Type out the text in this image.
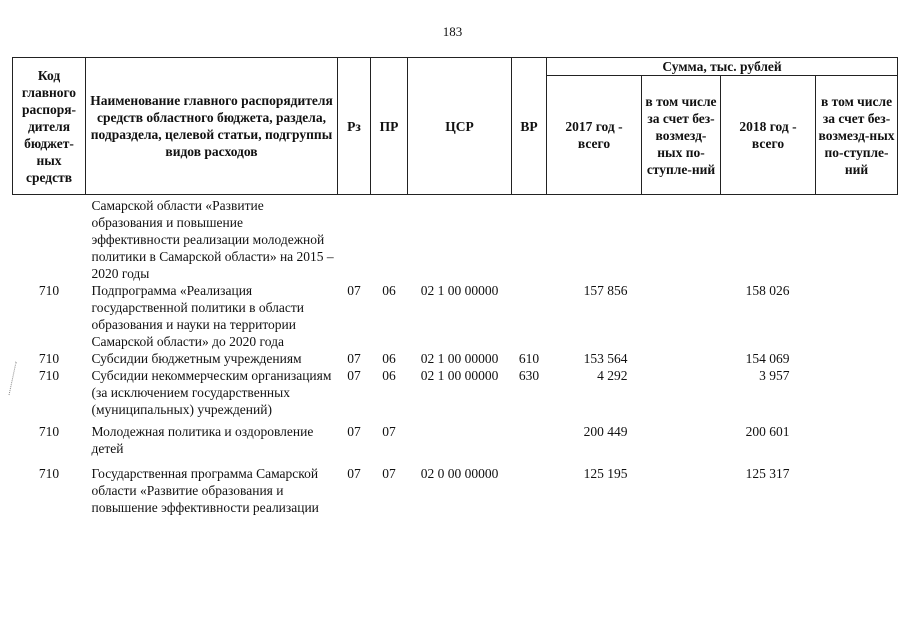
183
Код главного распоря-дителя бюджет-ных средств	Наименование главного распорядителя средств областного бюджета, раздела, подраздела, целевой статьи, подгруппы видов расходов	Рз	ПР	ЦСР	ВР	Сумма, тыс. рублей			
						2017 год - всего	в том числе за счет без-возмезд-ных по-ступле-ний	2018 год - всего	в том числе за счет без-возмезд-ных по-ступле-ний
	Самарской области «Развитие образования и повышение эффективности реализации молодежной политики в Самарской области» на 2015 – 2020 годы								
710	Подпрограмма «Реализация государственной политики в области образования и науки на территории Самарской области» до 2020 года	07	06	02 1 00 00000		157 856		158 026	
710	Субсидии бюджетным учреждениям	07	06	02 1 00 00000	610	153 564		154 069	
710	Субсидии некоммерческим организациям (за исключением государственных (муниципальных) учреждений)	07	06	02 1 00 00000	630	4 292		3 957	
710	Молодежная политика и оздоровление детей	07	07			200 449		200 601	
710	Государственная программа Самарской области «Развитие образования и повышение эффективности реализации	07	07	02 0 00 00000		125 195		125 317	
